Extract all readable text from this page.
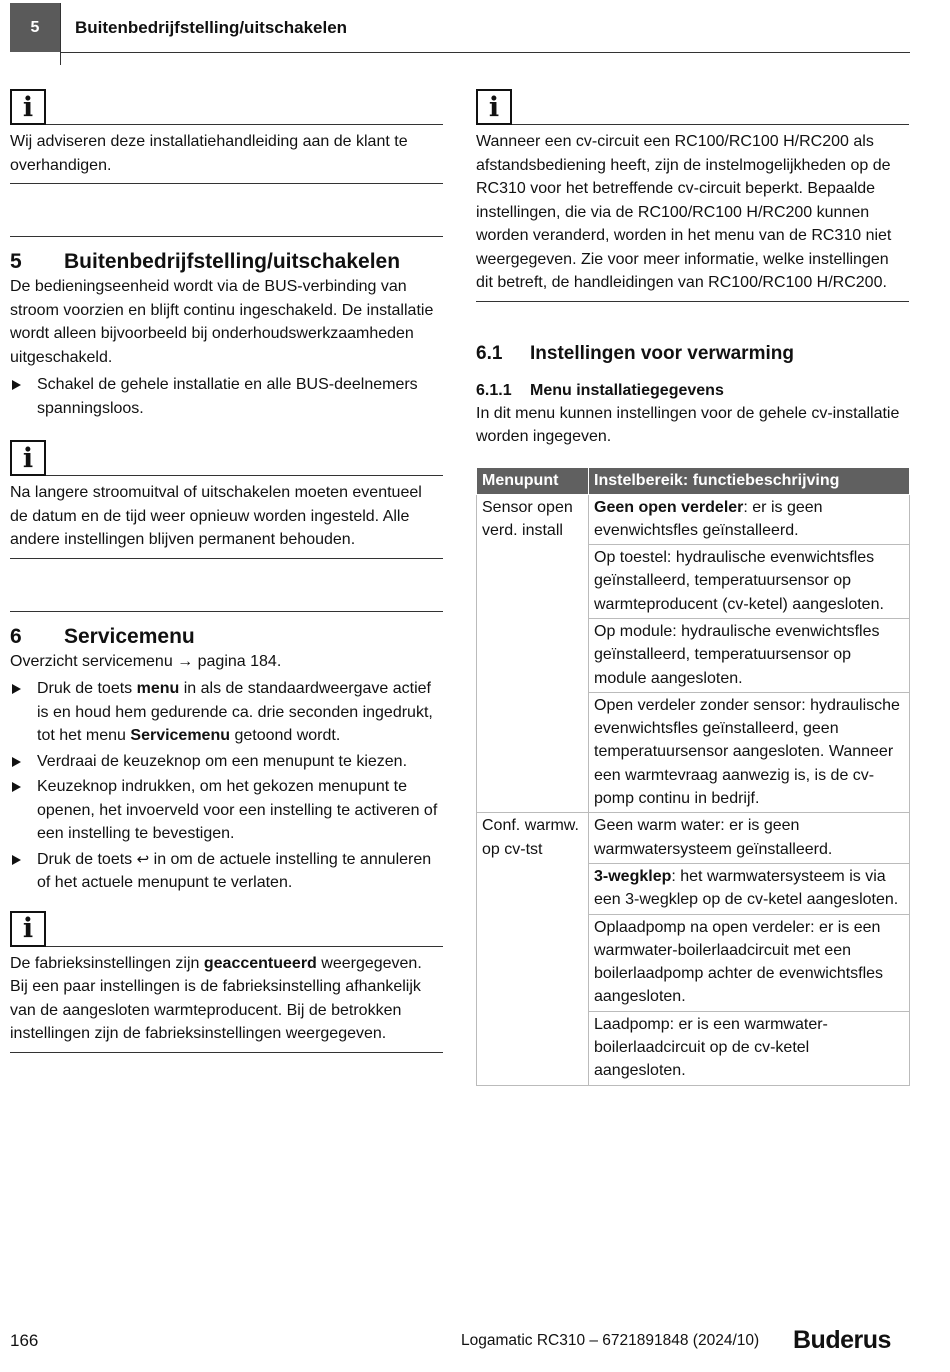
5	Buitenbedrijfstelling/uitschakelen
i
Wij adviseren deze installatiehandleiding aan de klant te overhandigen.
5	Buitenbedrijfstelling/uitschakelen

De bedieningseenheid wordt via de BUS-verbinding van stroom voorzien en blijft continu ingeschakeld. De installatie wordt alleen bijvoorbeeld bij onderhoudswerkzaamheden uitgeschakeld.

Schakel de gehele installatie en alle BUS-deelnemers spanningsloos.
i
Na langere stroomuitval of uitschakelen moeten eventueel de datum en de tijd weer opnieuw worden ingesteld. Alle andere instellingen blijven permanent behouden.
6	Servicemenu

Overzicht servicemenu → pagina 184.

Druk de toets menu in als de standaardweergave actief is en houd hem gedurende ca. drie seconden ingedrukt, tot het menu Servicemenu getoond wordt.
Verdraai de keuzeknop om een menupunt te kiezen.
Keuzeknop indrukken, om het gekozen menupunt te openen, het invoerveld voor een instelling te activeren of een instelling te bevestigen.
Druk de toets ↩ in om de actuele instelling te annuleren of het actuele menupunt te verlaten.
i
De fabrieksinstellingen zijn geaccentueerd weergegeven. Bij een paar instellingen is de fabrieksinstelling afhankelijk van de aangesloten warmteproducent. Bij de betrokken instellingen zijn de fabrieksinstellingen weergegeven.
i
Wanneer een cv-circuit een RC100/RC100 H/RC200 als afstandsbediening heeft, zijn de instelmogelijkheden op de RC310 voor het betreffende cv-circuit beperkt. Bepaalde instellingen, die via de RC100/RC100 H/RC200 kunnen worden veranderd, worden in het menu van de RC310 niet weergegeven. Zie voor meer informatie, welke instellingen dit betreft, de handleidingen van RC100/RC100 H/RC200.
6.1	Instellingen voor verwarming
6.1.1	Menu installatiegegevens

In dit menu kunnen instellingen voor de gehele cv-installatie worden ingegeven.

Menupunt	Instelbereik: functiebeschrijving
Sensor open verd. install	Geen open verdeler: er is geen evenwichtsfles geïnstalleerd.
	Op toestel: hydraulische evenwichtsfles geïnstalleerd, temperatuursensor op warmteproducent (cv-ketel) aangesloten.
	Op module: hydraulische evenwichtsfles geïnstalleerd, temperatuursensor op module aangesloten.
	Open verdeler zonder sensor: hydraulische evenwichtsfles geïnstalleerd, geen temperatuursensor aangesloten. Wanneer een warmtevraag aanwezig is, is de cv-pomp continu in bedrijf.
Conf. warmw. op cv-tst	Geen warm water: er is geen warmwatersysteem geïnstalleerd.
	3-wegklep: het warmwatersysteem is via een 3-wegklep op de cv-ketel aangesloten.
	Oplaadpomp na open verdeler: er is een warmwater-boilerlaadcircuit met een boilerlaadpomp achter de evenwichtsfles aangesloten.
	Laadpomp: er is een warmwater-boilerlaadcircuit op de cv-ketel aangesloten.
166	Logamatic RC310 – 6721891848 (2024/10) Buderus
